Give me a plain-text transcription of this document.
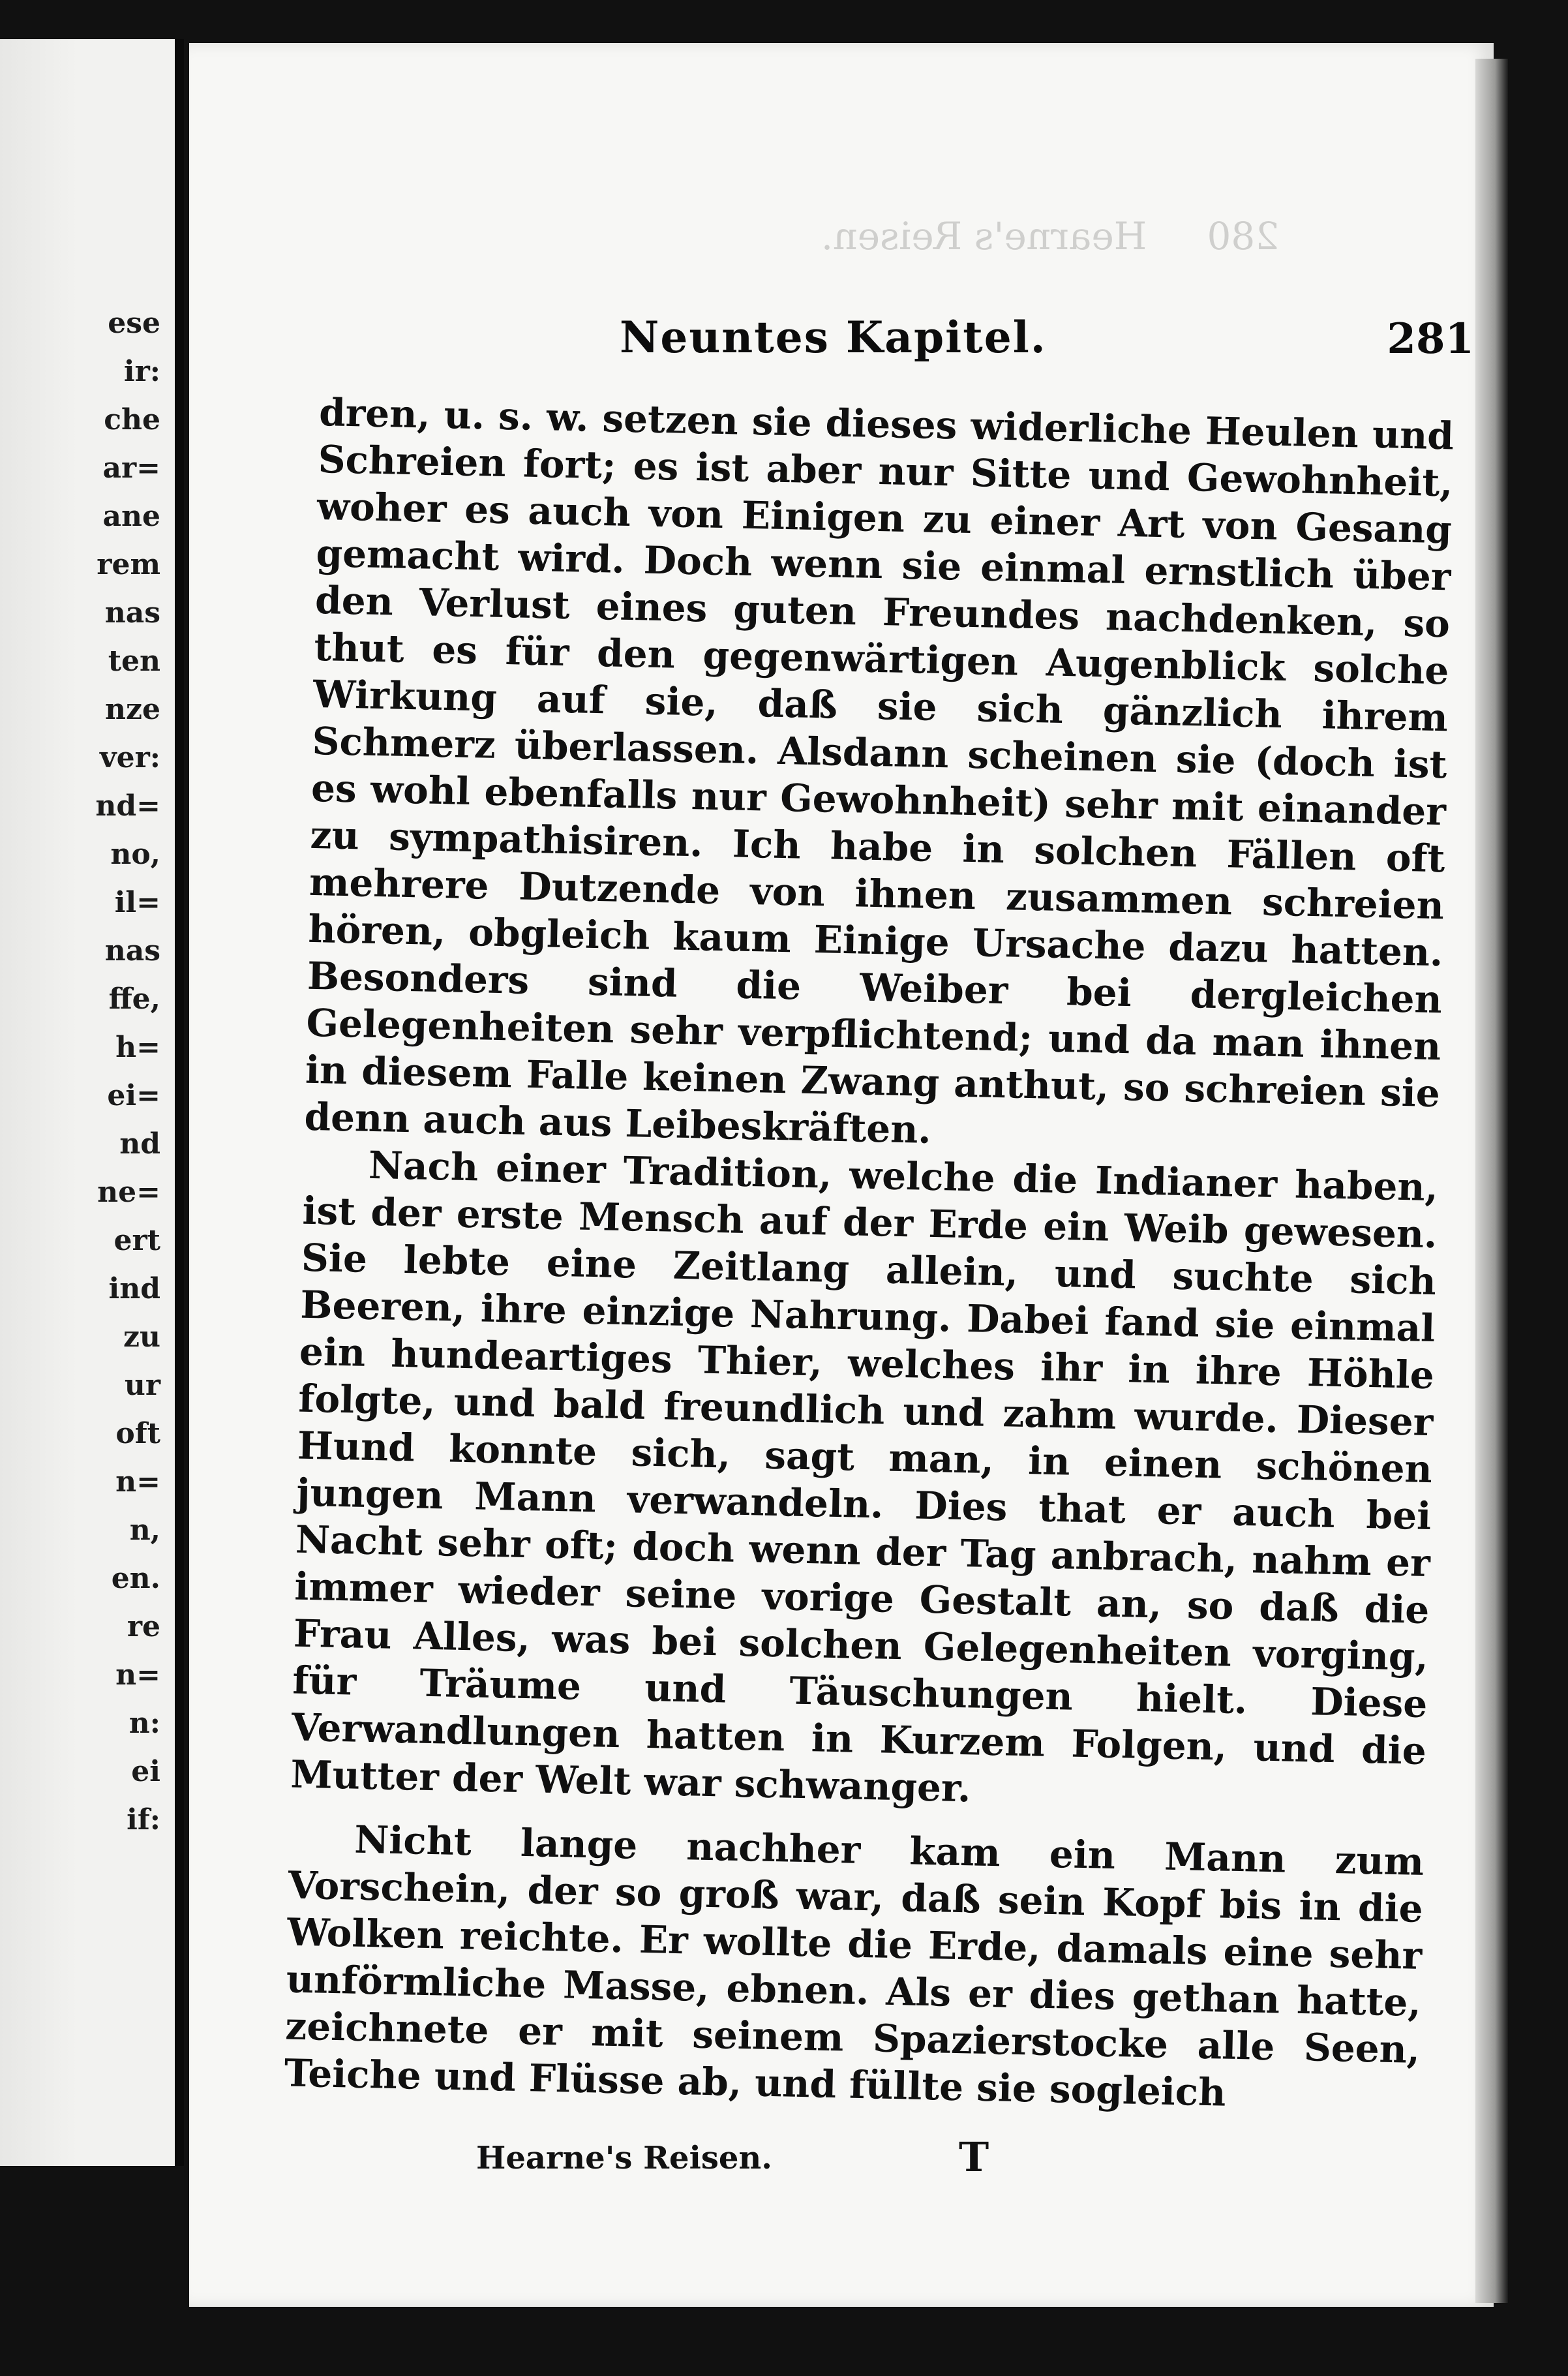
ese
ir:
che
ar=
ane
rem
nas
ten
nze
ver:
nd=
no,
il=
nas
ffe,
h=
ei=
nd
ne=
ert
ind
zu
ur
oft
n=
n,
en.
re
n=
n:
ei
if:
280     Hearne's Reisen.
Neuntes Kapitel.	281

dren, u. s. w. setzen sie dieses widerliche Heulen und Schreien fort; es ist aber nur Sitte und Gewohnheit, woher es auch von Einigen zu einer Art von Gesang gemacht wird. Doch wenn sie einmal ernstlich über den Verlust eines guten Freundes nachdenken, so thut es für den gegenwärtigen Augenblick solche Wirkung auf sie, daß sie sich gänzlich ihrem Schmerz überlassen. Alsdann scheinen sie (doch ist es wohl ebenfalls nur Gewohnheit) sehr mit einander zu sympathisiren. Ich habe in solchen Fällen oft mehrere Dutzende von ihnen zusammen schreien hören, obgleich kaum Einige Ursache dazu hatten. Besonders sind die Weiber bei dergleichen Gelegenheiten sehr verpflichtend; und da man ihnen in diesem Falle keinen Zwang anthut, so schreien sie denn auch aus Leibeskräften.

Nach einer Tradition, welche die Indianer haben, ist der erste Mensch auf der Erde ein Weib gewesen. Sie lebte eine Zeitlang allein, und suchte sich Beeren, ihre einzige Nahrung. Dabei fand sie einmal ein hundeartiges Thier, welches ihr in ihre Höhle folgte, und bald freundlich und zahm wurde. Dieser Hund konnte sich, sagt man, in einen schönen jungen Mann verwandeln. Dies that er auch bei Nacht sehr oft; doch wenn der Tag anbrach, nahm er immer wieder seine vorige Gestalt an, so daß die Frau Alles, was bei solchen Gelegenheiten vorging, für Träume und Täuschungen hielt. Diese Verwandlungen hatten in Kurzem Folgen, und die Mutter der Welt war schwanger.

Nicht lange nachher kam ein Mann zum Vorschein, der so groß war, daß sein Kopf bis in die Wolken reichte. Er wollte die Erde, damals eine sehr unförmliche Masse, ebnen. Als er dies gethan hatte, zeichnete er mit seinem Spazierstocke alle Seen, Teiche und Flüsse ab, und füllte sie sogleich

Hearne's Reisen.	T
